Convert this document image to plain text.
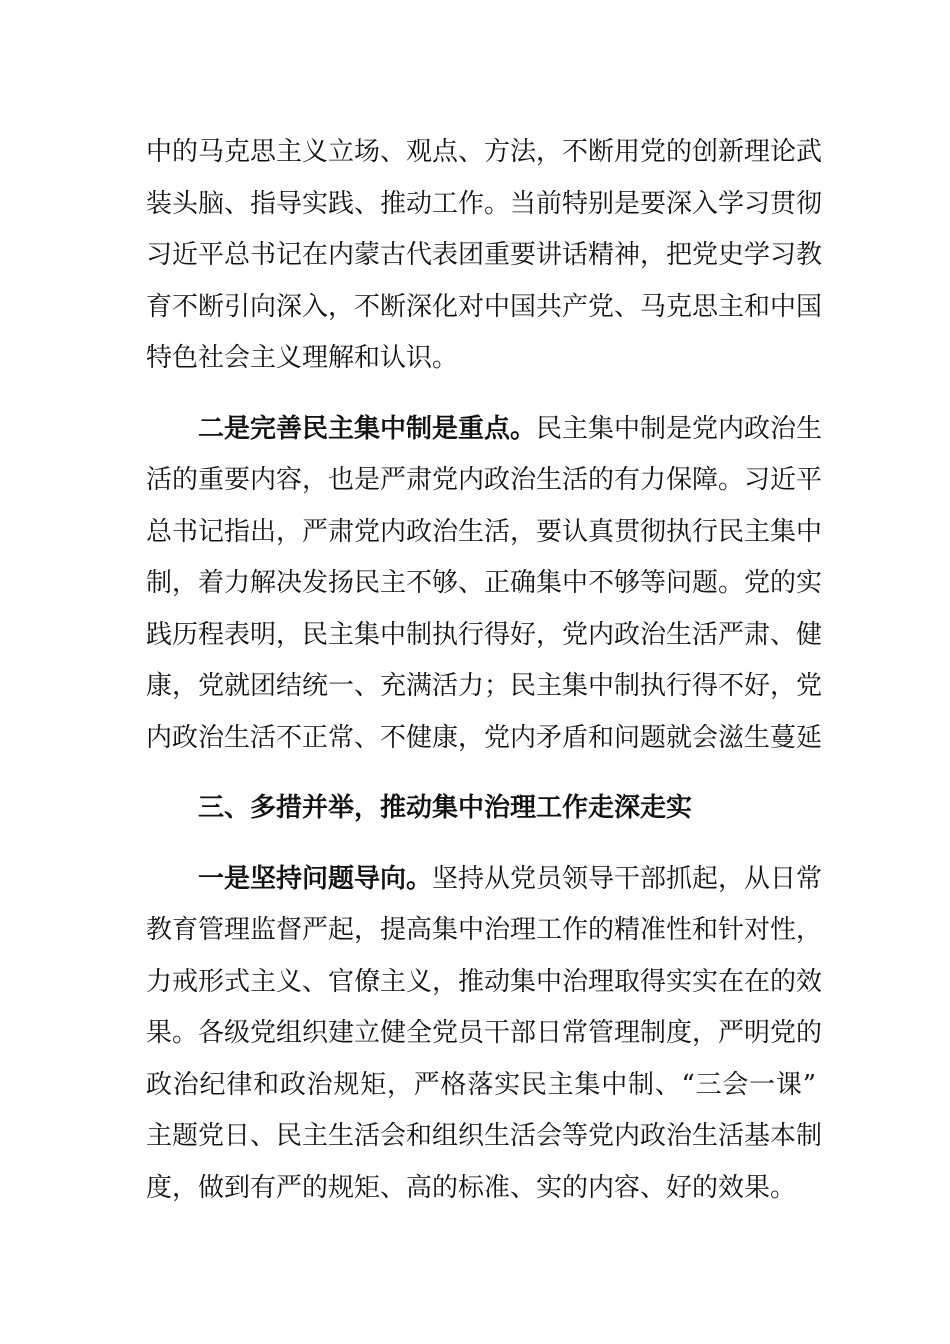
中的马克思主义立场、观点、方法，不断用党的创新理论武
装头脑、指导实践、推动工作。当前特别是要深入学习贯彻
习近平总书记在内蒙古代表团重要讲话精神，把党史学习教
育不断引向深入，不断深化对中国共产党、马克思主和中国
特色社会主义理解和认识。
二是完善民主集中制是重点。民主集中制是党内政治生
活的重要内容，也是严肃党内政治生活的有力保障。习近平
总书记指出，严肃党内政治生活，要认真贯彻执行民主集中
制，着力解决发扬民主不够、正确集中不够等问题。党的实
践历程表明，民主集中制执行得好，党内政治生活严肃、健
康，党就团结统一、充满活力；民主集中制执行得不好，党
内政治生活不正常、不健康，党内矛盾和问题就会滋生蔓延
三、多措并举，推动集中治理工作走深走实
一是坚持问题导向。坚持从党员领导干部抓起，从日常
教育管理监督严起，提高集中治理工作的精准性和针对性，
力戒形式主义、官僚主义，推动集中治理取得实实在在的效
果。各级党组织建立健全党员干部日常管理制度，严明党的
政治纪律和政治规矩，严格落实民主集中制、“三会一课”
主题党日、民主生活会和组织生活会等党内政治生活基本制
度，做到有严的规矩、高的标准、实的内容、好的效果。
